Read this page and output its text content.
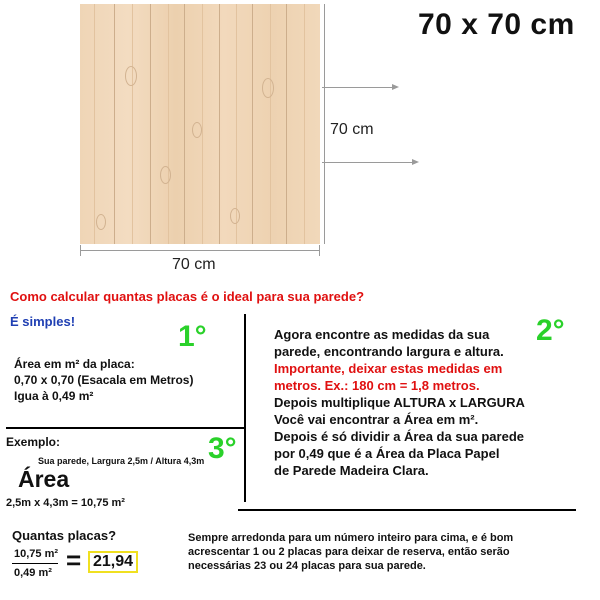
70 x 70 cm
70 cm
70 cm
Como calcular quantas placas é o ideal para sua parede?
É simples!	1°
Área em m² da placa:
0,70 x 0,70 (Esacala em Metros)
Igua à 0,49 m²
2°
Agora encontre as medidas da sua
parede, encontrando largura e altura.
Importante, deixar estas medidas em
metros. Ex.: 180 cm = 1,8 metros.
Depois multiplique ALTURA x LARGURA
Você vai encontrar a Área em m².
Depois é só dividir a Área da sua parede
por 0,49 que é a Área da Placa Papel
de Parede Madeira Clara.
3°
Exemplo:
Sua parede, Largura 2,5m / Altura 4,3m
Área
2,5m x 4,3m = 10,75 m²
Quantas placas?
10,75 m²
0,49 m² = 21,94
Sempre arredonda para um número inteiro para cima, e é bom
acrescentar 1 ou 2 placas para deixar de reserva, então serão
necessárias 23 ou 24 placas para sua parede.
